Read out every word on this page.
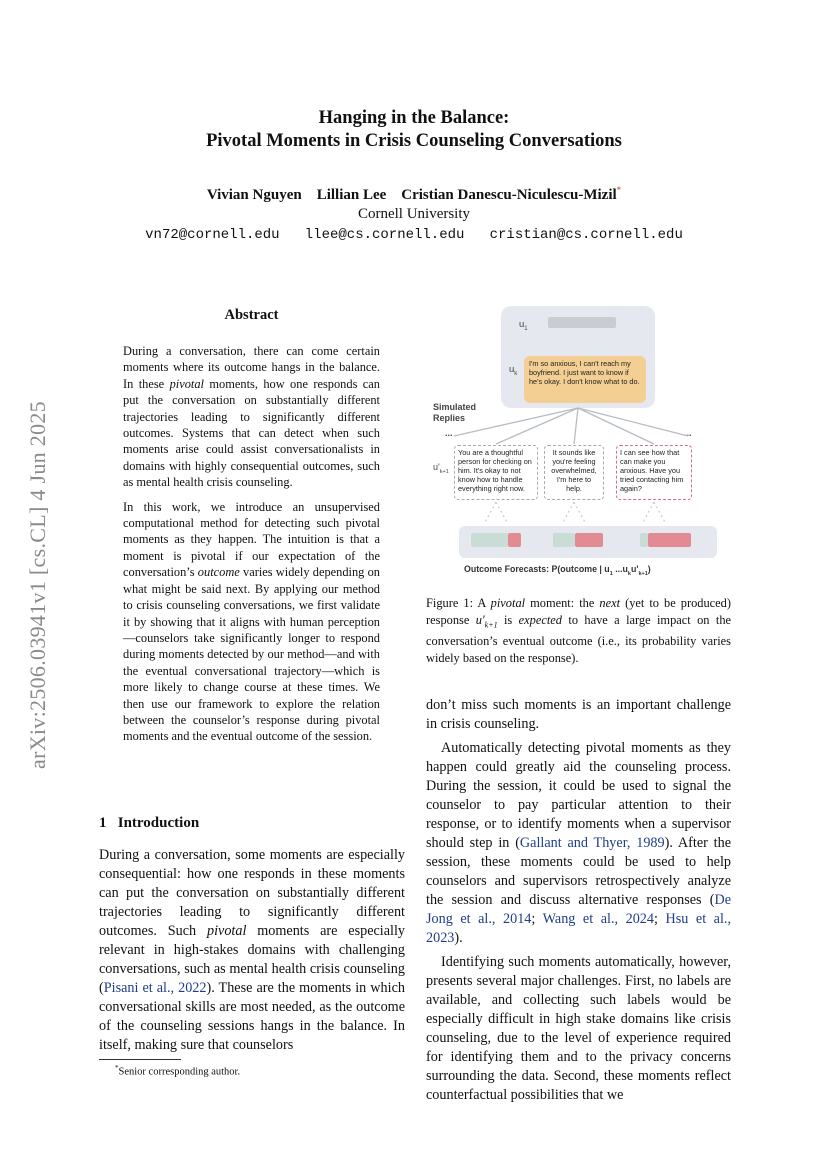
Hanging in the Balance:
Pivotal Moments in Crisis Counseling Conversations
Vivian Nguyen    Lillian Lee    Cristian Danescu-Niculescu-Mizil*
Cornell University
vn72@cornell.edu   llee@cs.cornell.edu   cristian@cs.cornell.edu
arXiv:2506.03941v1 [cs.CL] 4 Jun 2025
Abstract

During a conversation, there can come certain moments where its outcome hangs in the balance. In these pivotal moments, how one responds can put the conversation on substantially different trajectories leading to significantly different outcomes. Systems that can detect when such moments arise could assist conversationalists in domains with highly consequential outcomes, such as mental health crisis counseling.

In this work, we introduce an unsupervised computational method for detecting such pivotal moments as they happen. The intuition is that a moment is pivotal if our expectation of the conversation’s outcome varies widely depending on what might be said next. By applying our method to crisis counseling conversations, we first validate it by showing that it aligns with human perception—counselors take significantly longer to respond during moments detected by our method—and with the eventual conversational trajectory—which is more likely to change course at these times. We then use our framework to explore the relation between the counselor’s response during pivotal moments and the eventual outcome of the session.

1   Introduction

During a conversation, some moments are especially consequential: how one responds in these moments can put the conversation on substantially different trajectories leading to significantly different outcomes. Such pivotal moments are especially relevant in high-stakes domains with challenging conversations, such as mental health crisis counseling (Pisani et al., 2022). These are the moments in which conversational skills are most needed, as the outcome of the counseling sessions hangs in the balance. In itself, making sure that counselors

*Senior corresponding author.
$u_1$
$u_k$
I'm so anxious, I can't reach my boyfriend. I just want to know if he's okay. I don't know what to do.
Simulated Replies
...	...
$u'_{k+1}$
You are a thoughtful person for checking on him. It's okay to not know how to handle everything right now.
It sounds like you're feeling overwhelmed, I'm here to help.
I can see how that can make you anxious. Have you tried contacting him again?
Outcome Forecasts: P(outcome | $u_1$ $...u_ku'_{k+1}$)
Figure 1: A pivotal moment: the next (yet to be produced) response $u'_{k+1}$ is expected to have a large impact on the conversation’s eventual outcome (i.e., its probability varies widely based on the response).

don’t miss such moments is an important challenge in crisis counseling.

Automatically detecting pivotal moments as they happen could greatly aid the counseling process. During the session, it could be used to signal the counselor to pay particular attention to their response, or to identify moments when a supervisor should step in (Gallant and Thyer, 1989). After the session, these moments could be used to help counselors and supervisors retrospectively analyze the session and discuss alternative responses (De Jong et al., 2014; Wang et al., 2024; Hsu et al., 2023).

Identifying such moments automatically, however, presents several major challenges. First, no labels are available, and collecting such labels would be especially difficult in high stake domains like crisis counseling, due to the level of experience required for identifying them and to the privacy concerns surrounding the data. Second, these moments reflect counterfactual possibilities that we
